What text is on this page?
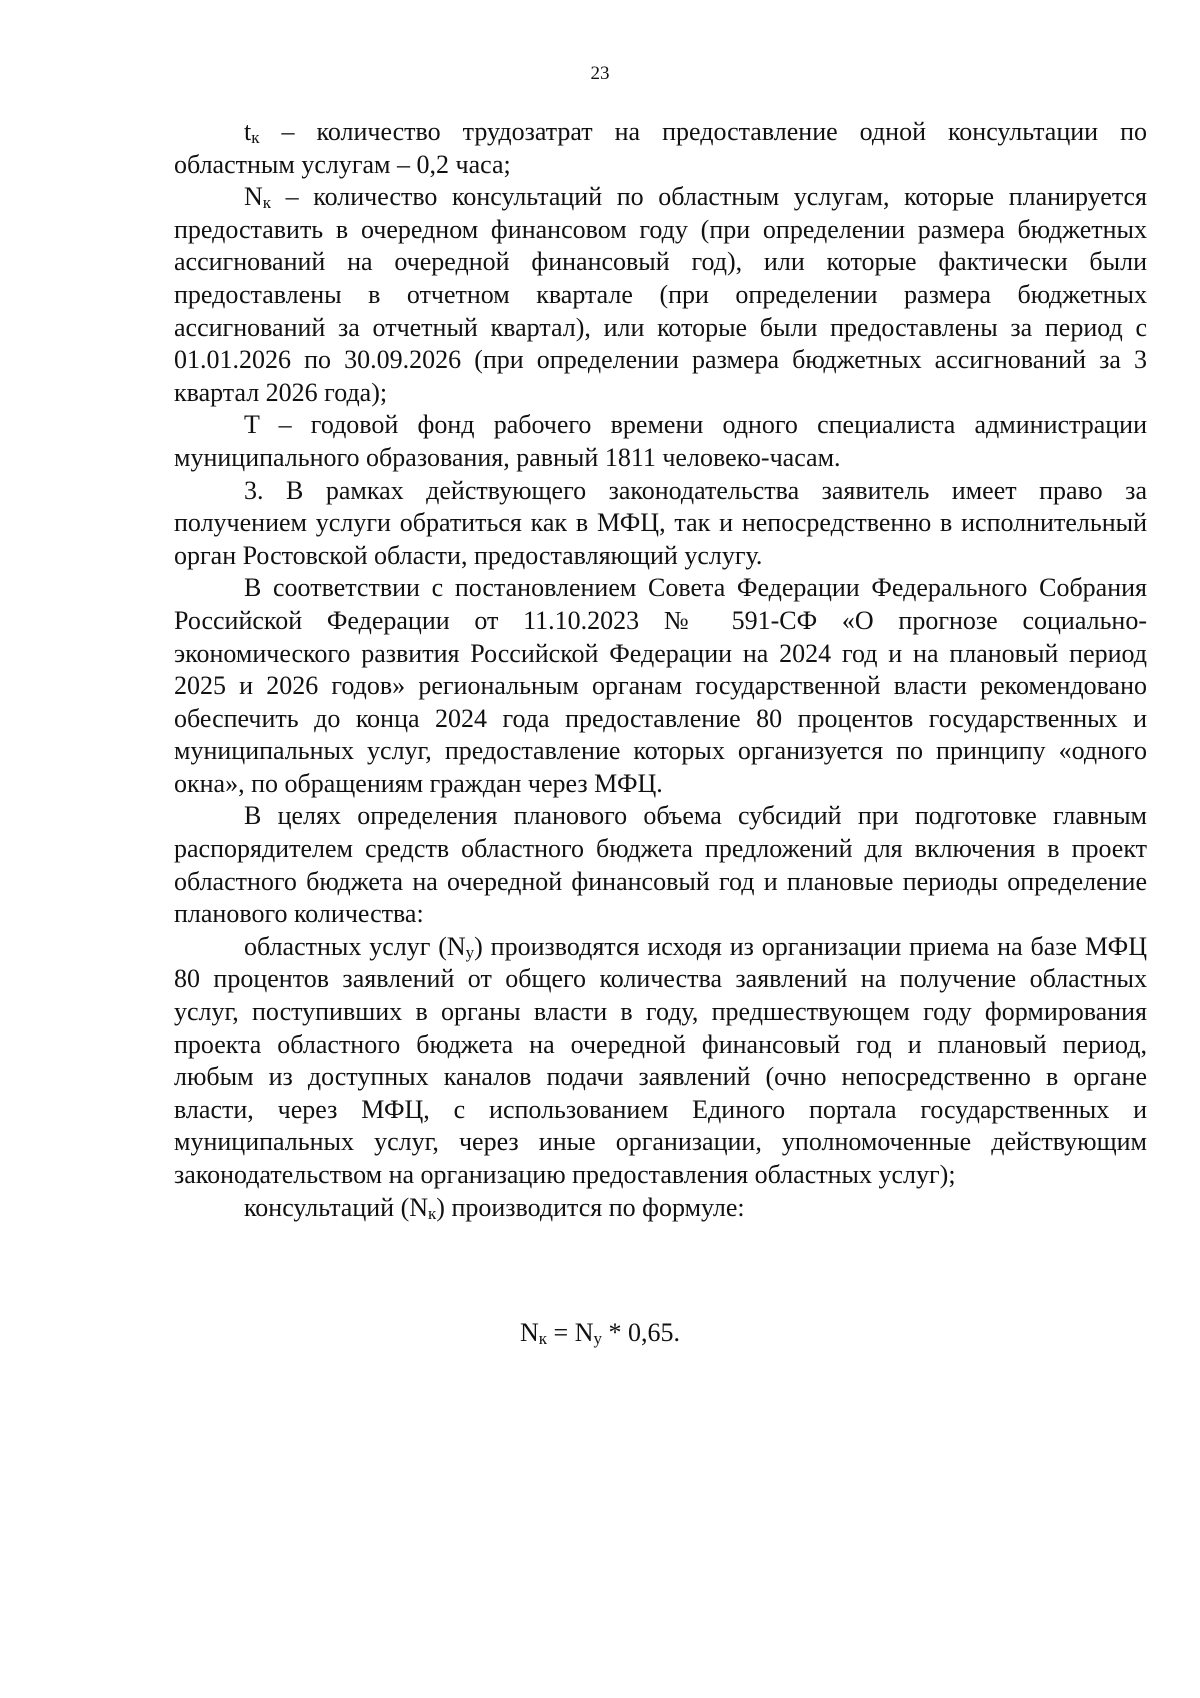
23

$t_к$ – количество трудозатрат на предоставление одной консультации по областным услугам – 0,2 часа;

$N_к$ – количество консультаций по областным услугам, которые планируется предоставить в очередном финансовом году (при определении размера бюджетных ассигнований на очередной финансовый год), или которые фактически были предоставлены в отчетном квартале (при определении размера бюджетных ассигнований за отчетный квартал), или которые были предоставлены за период с 01.01.2026 по 30.09.2026 (при определении размера бюджетных ассигнований за 3 квартал 2026 года);

T – годовой фонд рабочего времени одного специалиста администрации муниципального образования, равный 1811 человеко-часам.

3. В рамках действующего законодательства заявитель имеет право за получением услуги обратиться как в МФЦ, так и непосредственно в исполнительный орган Ростовской области, предоставляющий услугу.

В соответствии с постановлением Совета Федерации Федерального Собрания Российской Федерации от 11.10.2023 № 591-СФ «О прогнозе социально-экономического развития Российской Федерации на 2024 год и на плановый период 2025 и 2026 годов» региональным органам государственной власти рекомендовано обеспечить до конца 2024 года предоставление 80 процентов государственных и муниципальных услуг, предоставление которых организуется по принципу «одного окна», по обращениям граждан через МФЦ.

В целях определения планового объема субсидий при подготовке главным распорядителем средств областного бюджета предложений для включения в проект областного бюджета на очередной финансовый год и плановые периоды определение планового количества:

областных услуг $(N_у)$ производятся исходя из организации приема на базе МФЦ 80 процентов заявлений от общего количества заявлений на получение областных услуг, поступивших в органы власти в году, предшествующем году формирования проекта областного бюджета на очередной финансовый год и плановый период, любым из доступных каналов подачи заявлений (очно непосредственно в органе власти, через МФЦ, с использованием Единого портала государственных и муниципальных услуг, через иные организации, уполномоченные действующим законодательством на организацию предоставления областных услуг);

консультаций $(N_к)$ производится по формуле:

$N_к = N_у * 0,65$.
